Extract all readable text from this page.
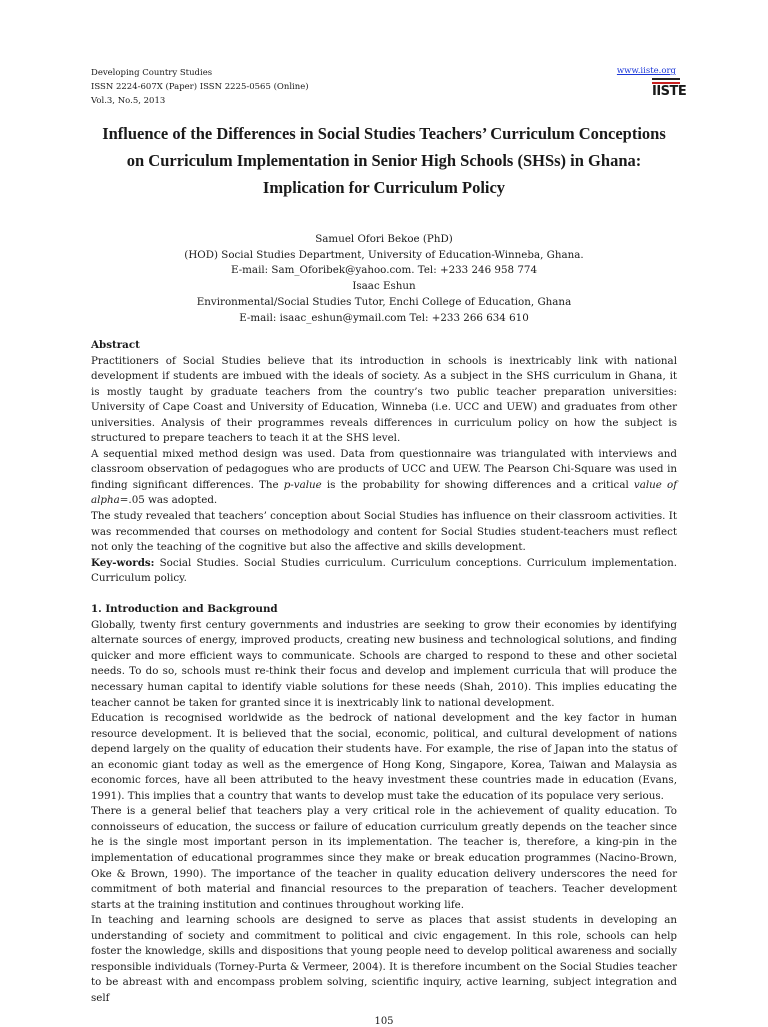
Developing Country Studies
ISSN 2224-607X (Paper) ISSN 2225-0565 (Online)
Vol.3, No.5, 2013
www.iiste.org
IISTE
Influence of the Differences in Social Studies Teachers’ Curriculum Conceptions on Curriculum Implementation in Senior High Schools (SHSs) in Ghana: Implication for Curriculum Policy
Samuel Ofori Bekoe (PhD)
(HOD) Social Studies Department, University of Education-Winneba, Ghana.
E-mail: Sam_Oforibek@yahoo.com. Tel: +233 246 958 774
Isaac Eshun
Environmental/Social Studies Tutor, Enchi College of Education, Ghana
E-mail: isaac_eshun@ymail.com Tel: +233 266 634 610

Abstract

Practitioners of Social Studies believe that its introduction in schools is inextricably link with national development if students are imbued with the ideals of society. As a subject in the SHS curriculum in Ghana, it is mostly taught by graduate teachers from the country’s two public teacher preparation universities: University of Cape Coast and University of Education, Winneba (i.e. UCC and UEW) and graduates from other universities. Analysis of their programmes reveals differences in curriculum policy on how the subject is structured to prepare teachers to teach it at the SHS level.

A sequential mixed method design was used. Data from questionnaire was triangulated with interviews and classroom observation of pedagogues who are products of UCC and UEW. The Pearson Chi-Square was used in finding significant differences. The p-value is the probability for showing differences and a critical value of alpha=.05 was adopted.

The study revealed that teachers’ conception about Social Studies has influence on their classroom activities. It was recommended that courses on methodology and content for Social Studies student-teachers must reflect not only the teaching of the cognitive but also the affective and skills development.

Key-words: Social Studies. Social Studies curriculum. Curriculum conceptions. Curriculum implementation. Curriculum policy.

1. Introduction and Background

Globally, twenty first century governments and industries are seeking to grow their economies by identifying alternate sources of energy, improved products, creating new business and technological solutions, and finding quicker and more efficient ways to communicate. Schools are charged to respond to these and other societal needs. To do so, schools must re-think their focus and develop and implement curricula that will produce the necessary human capital to identify viable solutions for these needs (Shah, 2010). This implies educating the teacher cannot be taken for granted since it is inextricably link to national development.

Education is recognised worldwide as the bedrock of national development and the key factor in human resource development. It is believed that the social, economic, political, and cultural development of nations depend largely on the quality of education their students have. For example, the rise of Japan into the status of an economic giant today as well as the emergence of Hong Kong, Singapore, Korea, Taiwan and Malaysia as economic forces, have all been attributed to the heavy investment these countries made in education (Evans, 1991). This implies that a country that wants to develop must take the education of its populace very serious.

There is a general belief that teachers play a very critical role in the achievement of quality education. To connoisseurs of education, the success or failure of education curriculum greatly depends on the teacher since he is the single most important person in its implementation. The teacher is, therefore, a king-pin in the implementation of educational programmes since they make or break education programmes (Nacino-Brown, Oke & Brown, 1990). The importance of the teacher in quality education delivery underscores the need for commitment of both material and financial resources to the preparation of teachers. Teacher development starts at the training institution and continues throughout working life.

In teaching and learning schools are designed to serve as places that assist students in developing an understanding of society and commitment to political and civic engagement. In this role, schools can help foster the knowledge, skills and dispositions that young people need to develop political awareness and socially responsible individuals (Torney-Purta & Vermeer, 2004). It is therefore incumbent on the Social Studies teacher to be abreast with and encompass problem solving, scientific inquiry, active learning, subject integration and self

105
